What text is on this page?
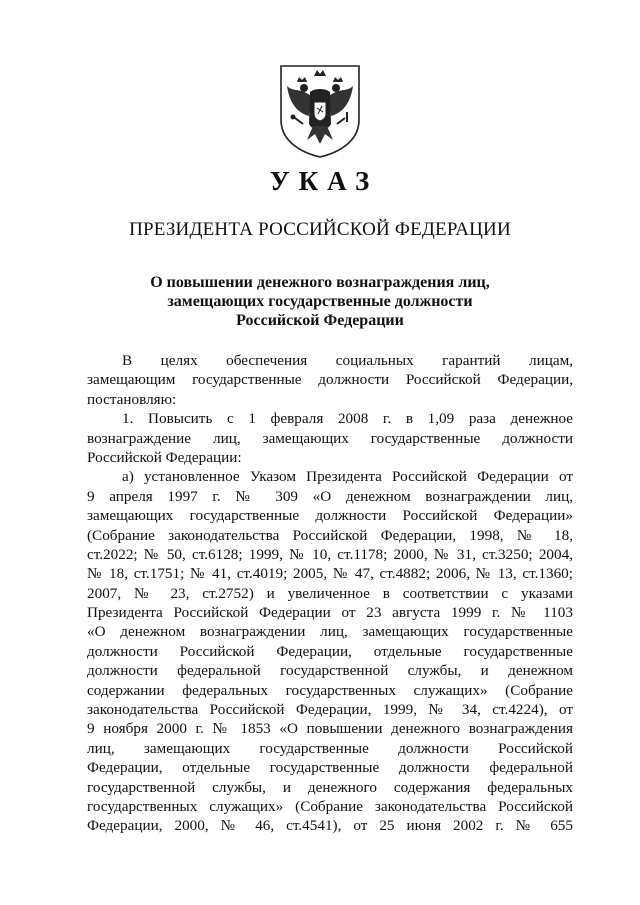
УКАЗ
ПРЕЗИДЕНТА РОССИЙСКОЙ ФЕДЕРАЦИИ
О повышении денежного вознаграждения лиц,
замещающих государственные должности
Российской Федерации
В целях обеспечения социальных гарантий лицам,
замещающим государственные должности Российской Федерации,
постановляю:
1. Повысить с 1 февраля 2008 г. в 1,09 раза денежное
вознаграждение лиц, замещающих государственные должности
Российской Федерации:
а) установленное Указом Президента Российской Федерации от
9 апреля 1997 г. № 309 «О денежном вознаграждении лиц,
замещающих государственные должности Российской Федерации»
(Собрание законодательства Российской Федерации, 1998, № 18,
ст.2022; № 50, ст.6128; 1999, № 10, ст.1178; 2000, № 31, ст.3250; 2004,
№ 18, ст.1751; № 41, ст.4019; 2005, № 47, ст.4882; 2006, № 13, ст.1360;
2007, № 23, ст.2752) и увеличенное в соответствии с указами
Президента Российской Федерации от 23 августа 1999 г. № 1103
«О денежном вознаграждении лиц, замещающих государственные
должности Российской Федерации, отдельные государственные
должности федеральной государственной службы, и денежном
содержании федеральных государственных служащих» (Собрание
законодательства Российской Федерации, 1999, № 34, ст.4224), от
9 ноября 2000 г. № 1853 «О повышении денежного вознаграждения
лиц, замещающих государственные должности Российской
Федерации, отдельные государственные должности федеральной
государственной службы, и денежного содержания федеральных
государственных служащих» (Собрание законодательства Российской
Федерации, 2000, № 46, ст.4541), от 25 июня 2002 г. № 655
